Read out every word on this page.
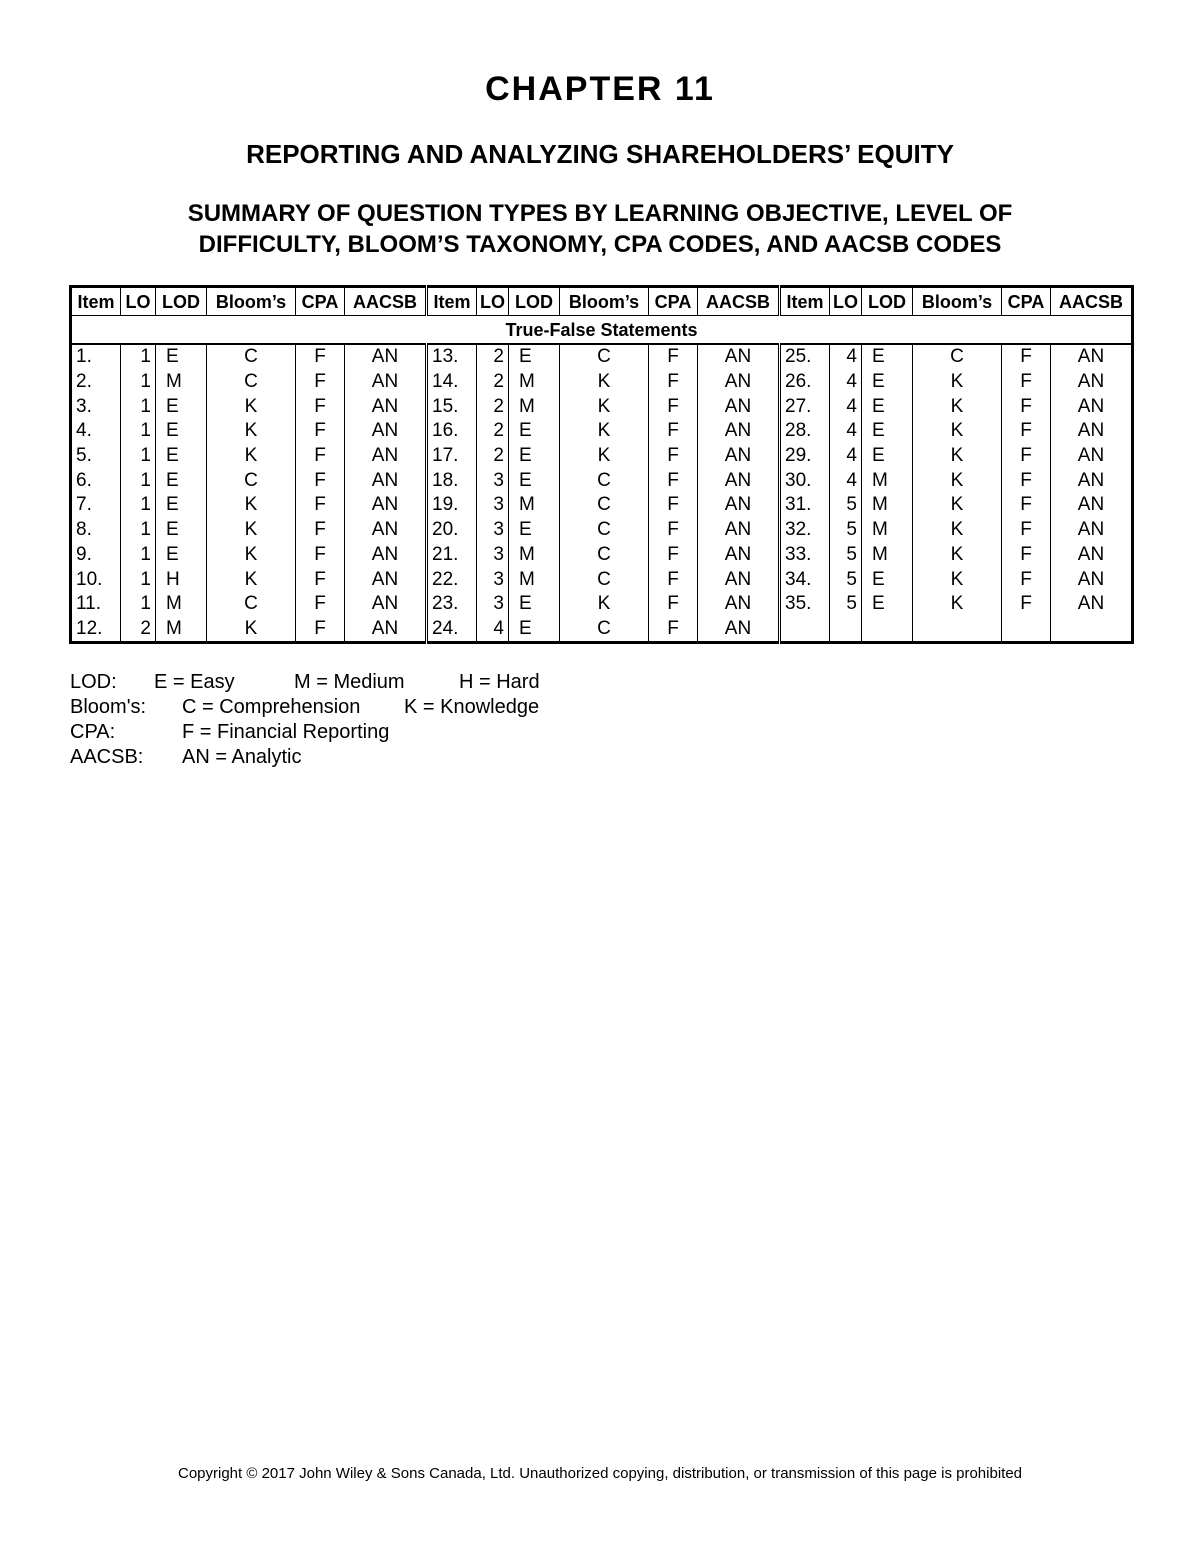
CHAPTER 11
REPORTING AND ANALYZING SHAREHOLDERS’ EQUITY
SUMMARY OF QUESTION TYPES BY LEARNING OBJECTIVE, LEVEL OF
DIFFICULTY, BLOOM’S TAXONOMY, CPA CODES, AND AACSB CODES
Item	LO	LOD	Bloom’s	CPA	AACSB	Item	LO	LOD	Bloom’s	CPA	AACSB	Item	LO	LOD	Bloom’s	CPA	AACSB
True-False Statements																	
1.	1	E	C	F	AN	13.	2	E	C	F	AN	25.	4	E	C	F	AN
2.	1	M	C	F	AN	14.	2	M	K	F	AN	26.	4	E	K	F	AN
3.	1	E	K	F	AN	15.	2	M	K	F	AN	27.	4	E	K	F	AN
4.	1	E	K	F	AN	16.	2	E	K	F	AN	28.	4	E	K	F	AN
5.	1	E	K	F	AN	17.	2	E	K	F	AN	29.	4	E	K	F	AN
6.	1	E	C	F	AN	18.	3	E	C	F	AN	30.	4	M	K	F	AN
7.	1	E	K	F	AN	19.	3	M	C	F	AN	31.	5	M	K	F	AN
8.	1	E	K	F	AN	20.	3	E	C	F	AN	32.	5	M	K	F	AN
9.	1	E	K	F	AN	21.	3	M	C	F	AN	33.	5	M	K	F	AN
10.	1	H	K	F	AN	22.	3	M	C	F	AN	34.	5	E	K	F	AN
11.	1	M	C	F	AN	23.	3	E	K	F	AN	35.	5	E	K	F	AN
12.	2	M	K	F	AN	24.	4	E	C	F	AN						
LOD: E = Easy	M = Medium	H = Hard
Bloom's: C = Comprehension K = Knowledge
CPA:	F = Financial Reporting
AACSB: AN = Analytic
Copyright © 2017 John Wiley & Sons Canada, Ltd. Unauthorized copying, distribution, or transmission of this page is prohibited
